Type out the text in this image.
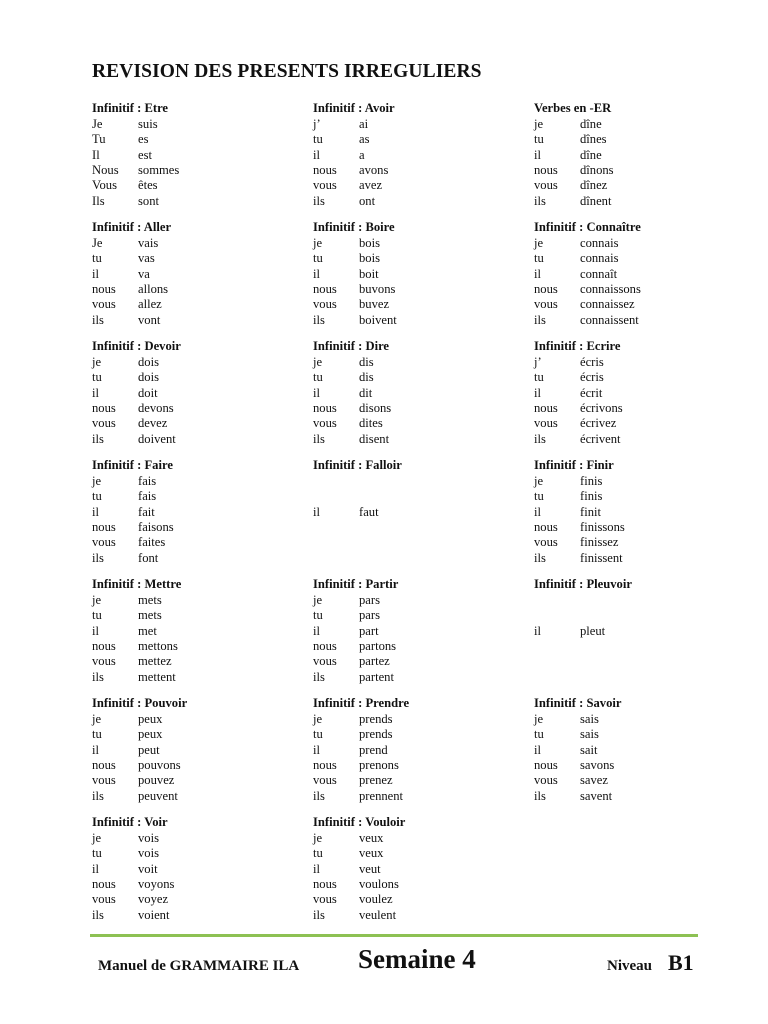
REVISION DES PRESENTS IRREGULIERS
Infinitif : Etre
Je	suis
Tu	es
Il	est
Nous sommes
Vous êtes
Ils	sont
Infinitif : Avoir
j’	ai
tu	as
il	a
nous avons
vous avez
ils	ont
Verbes en -ER
je	dîne
tu	dînes
il	dîne
nous dînons
vous dînez
ils	dînent
Infinitif : Aller
Je	vais
tu	vas
il	va
nous allons
vous allez
ils	vont
Infinitif : Boire
je	bois
tu	bois
il	boit
nous buvons
vous buvez
ils	boivent
Infinitif : Connaître
je	connais
tu	connais
il	connaît
nous connaissons
vous connaissez
ils	connaissent
Infinitif : Devoir
je	dois
tu	dois
il	doit
nous devons
vous devez
ils	doivent
Infinitif : Dire
je	dis
tu	dis
il	dit
nous disons
vous dites
ils	disent
Infinitif : Ecrire
j’	écris
tu	écris
il	écrit
nous écrivons
vous écrivez
ils	écrivent
Infinitif : Faire
je	fais
tu	fais
il	fait
nous faisons
vous faites
ils	font
Infinitif : Falloir
il	faut
Infinitif : Finir
je	finis
tu	finis
il	finit
nous finissons
vous finissez
ils	finissent
Infinitif : Mettre
je	mets
tu	mets
il	met
nous mettons
vous mettez
ils	mettent
Infinitif : Partir
je	pars
tu	pars
il	part
nous partons
vous partez
ils	partent
Infinitif : Pleuvoir
il	pleut
Infinitif : Pouvoir
je	peux
tu	peux
il	peut
nous pouvons
vous pouvez
ils	peuvent
Infinitif : Prendre
je	prends
tu	prends
il	prend
nous prenons
vous prenez
ils	prennent
Infinitif : Savoir
je	sais
tu	sais
il	sait
nous savons
vous savez
ils	savent
Infinitif : Voir
je	vois
tu	vois
il	voit
nous voyons
vous voyez
ils	voient
Infinitif : Vouloir
je	veux
tu	veux
il	veut
nous voulons
vous voulez
ils	veulent
Manuel de GRAMMAIRE ILA Semaine 4	Niveau B1
